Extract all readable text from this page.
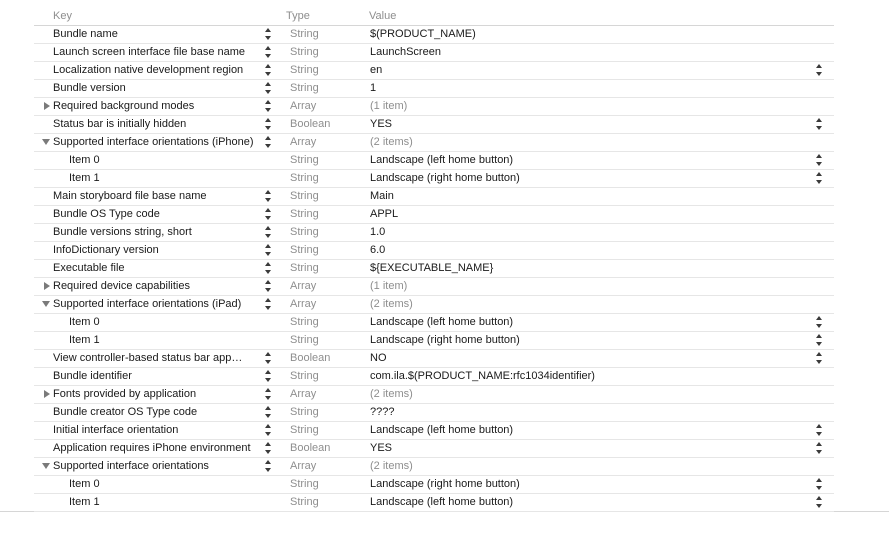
Key	Type	Value
Bundle name	String	$(PRODUCT_NAME)
Launch screen interface file base name	String	LaunchScreen
Localization native development region	String	en
Bundle version	String	1
Required background modes	Array	(1 item)
Status bar is initially hidden	Boolean	YES
Supported interface orientations (iPhone)	Array	(2 items)
Item 0	String	Landscape (left home button)
Item 1	String	Landscape (right home button)
Main storyboard file base name	String	Main
Bundle OS Type code	String	APPL
Bundle versions string, short	String	1.0
InfoDictionary version	String	6.0
Executable file	String	${EXECUTABLE_NAME}
Required device capabilities	Array	(1 item)
Supported interface orientations (iPad)	Array	(2 items)
Item 0	String	Landscape (left home button)
Item 1	String	Landscape (right home button)
View controller-based status bar app…	Boolean	NO
Bundle identifier	String	com.ila.$(PRODUCT_NAME:rfc1034identifier)
Fonts provided by application	Array	(2 items)
Bundle creator OS Type code	String	????
Initial interface orientation	String	Landscape (left home button)
Application requires iPhone environment	Boolean	YES
Supported interface orientations	Array	(2 items)
Item 0	String	Landscape (right home button)
Item 1	String	Landscape (left home button)
